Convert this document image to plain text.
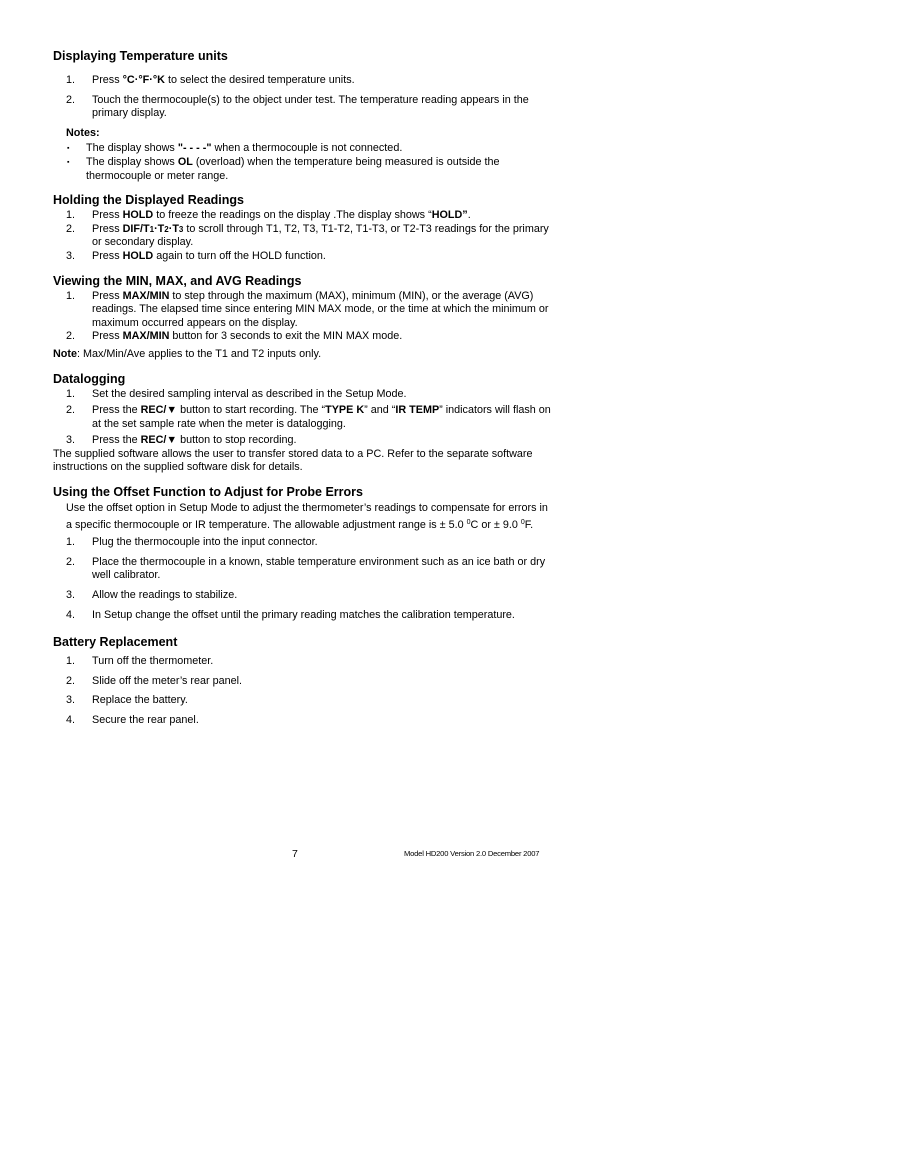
Displaying Temperature units
1. Press °C·°F·°K to select the desired temperature units.
2. Touch the thermocouple(s) to the object under test. The temperature reading appears in the primary display.
Notes:
▪ The display shows "- - - -" when a thermocouple is not connected.
▪ The display shows OL (overload) when the temperature being measured is outside the thermocouple or meter range.
Holding the Displayed Readings
1. Press HOLD to freeze the readings on the display .The display shows “HOLD”.
2. Press DIF/T1·T2·T3 to scroll through T1, T2, T3, T1-T2, T1-T3, or T2-T3 readings for the primary or secondary display.
3. Press HOLD again to turn off the HOLD function.
Viewing the MIN, MAX, and AVG Readings
1. Press MAX/MIN to step through the maximum (MAX), minimum (MIN), or the average (AVG) readings. The elapsed time since entering MIN MAX mode, or the time at which the minimum or maximum occurred appears on the display.
2. Press MAX/MIN button for 3 seconds to exit the MIN MAX mode.

Note: Max/Min/Ave applies to the T1 and T2 inputs only.

Datalogging
1. Set the desired sampling interval as described in the Setup Mode.
2. Press the REC/▼ button to start recording. The “TYPE K” and “IR TEMP” indicators will flash on at the set sample rate when the meter is datalogging.
3. Press the REC/▼ button to stop recording.

The supplied software allows the user to transfer stored data to a PC. Refer to the separate software instructions on the supplied software disk for details.

Using the Offset Function to Adjust for Probe Errors

Use the offset option in Setup Mode to adjust the thermometer’s readings to compensate for errors in a specific thermocouple or IR temperature. The allowable adjustment range is ± 5.0 $^0$C or ± 9.0 $^0$F.

1. Plug the thermocouple into the input connector.
2. Place the thermocouple in a known, stable temperature environment such as an ice bath or dry well calibrator.
3. Allow the readings to stabilize.
4. In Setup change the offset until the primary reading matches the calibration temperature.
Battery Replacement
1. Turn off the thermometer.
2. Slide off the meter’s rear panel.
3. Replace the battery.
4. Secure the rear panel.
7	Model HD200 Version 2.0 December 2007
